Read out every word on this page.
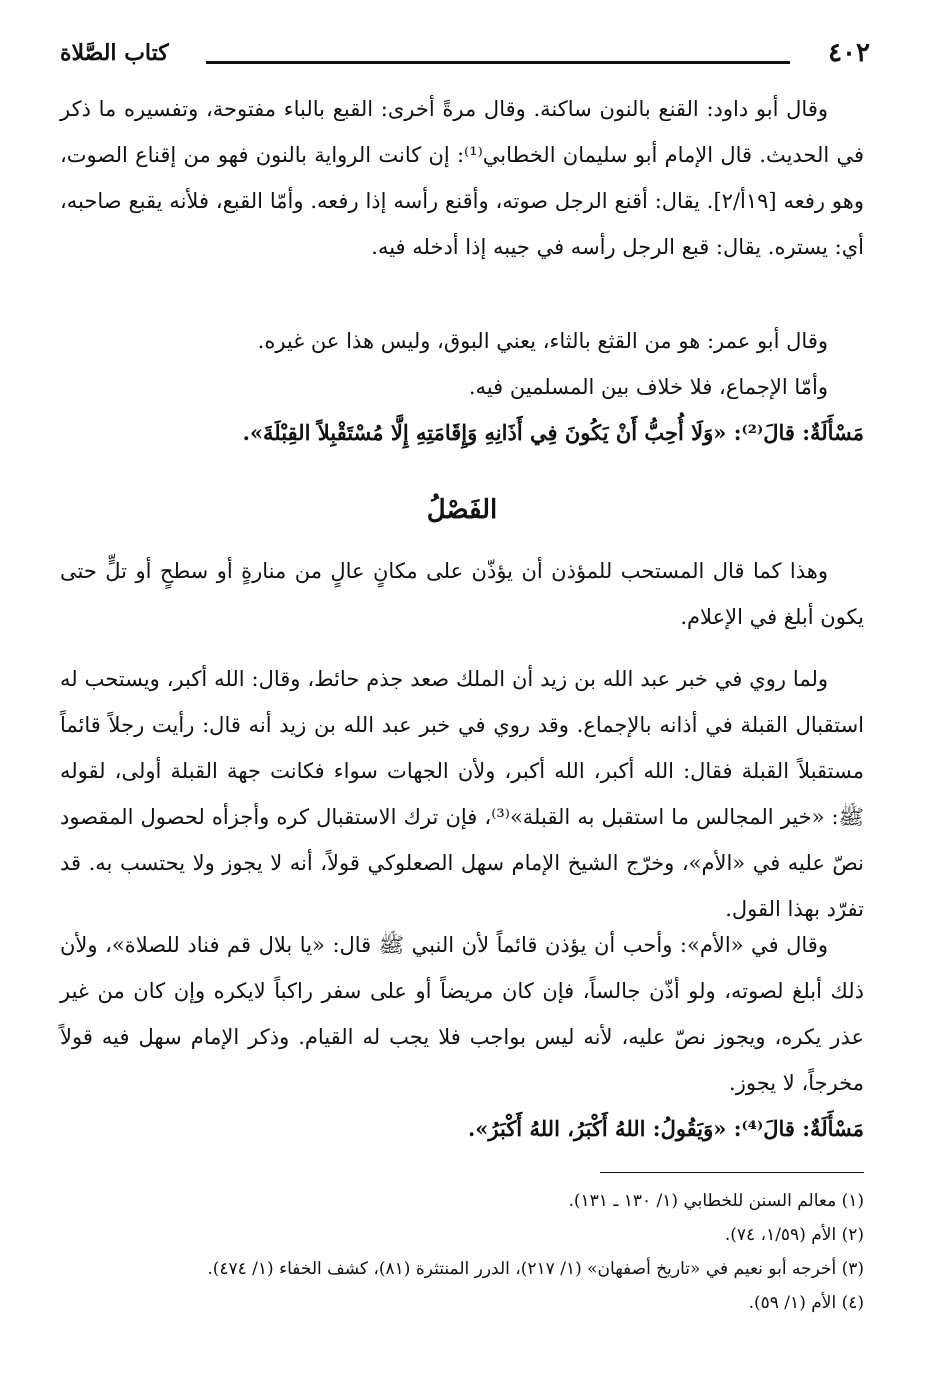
٤٠٢
كتاب الصَّلاة

وقال أبو داود: القنع بالنون ساكنة. وقال مرةً أخرى: القبع بالباء مفتوحة، وتفسيره ما ذكر في الحديث. قال الإمام أبو سليمان الخطابي⁽¹⁾: إن كانت الرواية بالنون فهو من إقناع الصوت، وهو رفعه [١٩أ/٢]. يقال: أقنع الرجل صوته، وأقنع رأسه إذا رفعه. وأمّا القبع، فلأنه يقبع صاحبه، أي: يستره. يقال: قبع الرجل رأسه في جيبه إذا أدخله فيه.

وقال أبو عمر: هو من القثع بالثاء، يعني البوق، وليس هذا عن غيره.

وأمّا الإجماع، فلا خلاف بين المسلمين فيه.

مَسْأَلَةٌ: قالَ⁽²⁾: «وَلَا أُحِبُّ أَنْ يَكُونَ فِي أَذَانِهِ وَإِقَامَتِهِ إِلَّا مُسْتَقْبِلاً القِبْلَةَ».

الفَصْلُ

وهذا كما قال المستحب للمؤذن أن يؤذّن على مكانٍ عالٍ من منارةٍ أو سطحٍ أو تلٍّ حتى يكون أبلغ في الإعلام.

ولما روي في خبر عبد الله بن زيد أن الملك صعد جذم حائط، وقال: الله أكبر، ويستحب له استقبال القبلة في أذانه بالإجماع. وقد روي في خبر عبد الله بن زيد أنه قال: رأيت رجلاً قائماً مستقبلاً القبلة فقال: الله أكبر، الله أكبر، ولأن الجهات سواء فكانت جهة القبلة أولى، لقوله ﷺ: «خير المجالس ما استقبل به القبلة»⁽³⁾، فإن ترك الاستقبال كره وأجزأه لحصول المقصود نصّ عليه في «الأم»، وخرّج الشيخ الإمام سهل الصعلوكي قولاً، أنه لا يجوز ولا يحتسب به. قد تفرّد بهذا القول.

وقال في «الأم»: وأحب أن يؤذن قائماً لأن النبي ﷺ قال: «يا بلال قم فناد للصلاة»، ولأن ذلك أبلغ لصوته، ولو أذّن جالساً، فإن كان مريضاً أو على سفر راكباً لايكره وإن كان من غير عذر يكره، ويجوز نصّ عليه، لأنه ليس بواجب فلا يجب له القيام. وذكر الإمام سهل فيه قولاً مخرجاً، لا يجوز.

مَسْأَلَةٌ: قالَ⁽⁴⁾: «وَيَقُولُ: اللهُ أَكْبَرُ، اللهُ أَكْبَرُ».

(١) معالم السنن للخطابي (١/ ١٣٠ ـ ١٣١).

(٢) الأم (١/٥٩، ٧٤).

(٣) أخرجه أبو نعيم في «تاريخ أصفهان» (١/ ٢١٧)، الدرر المنتثرة (٨١)، كشف الخفاء (١/ ٤٧٤).

(٤) الأم (١/ ٥٩).
